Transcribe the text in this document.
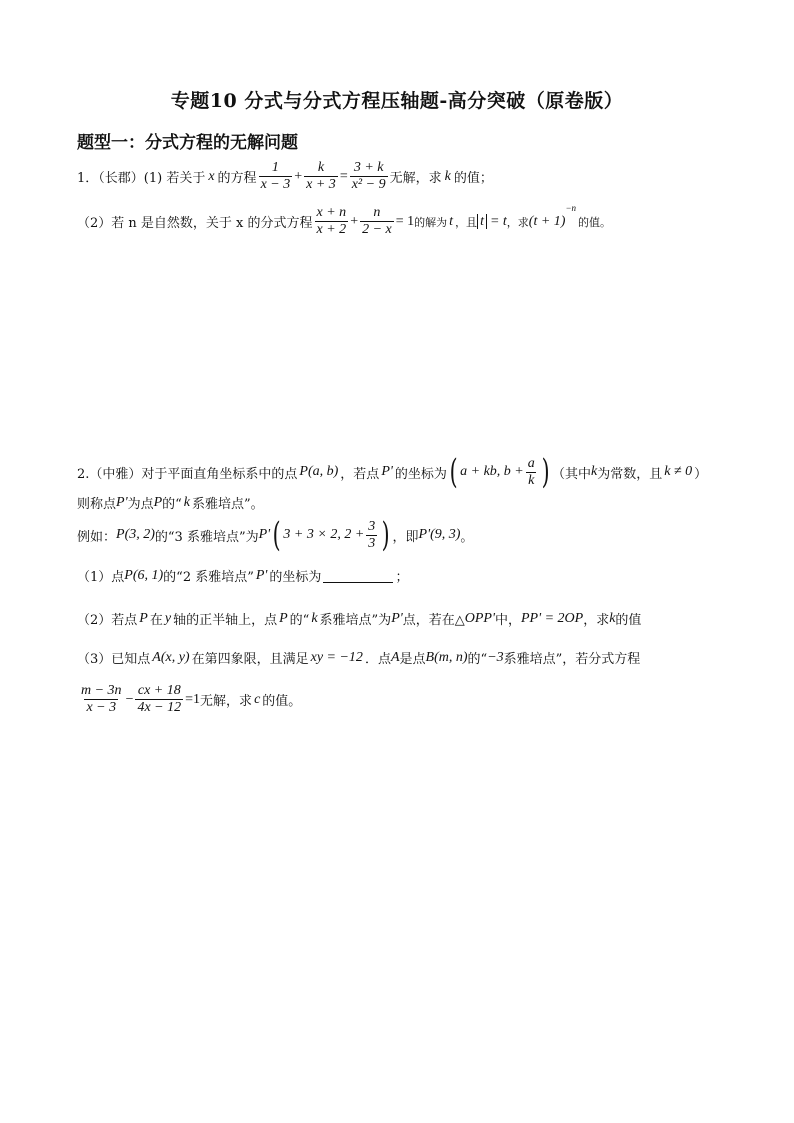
专题10 分式与分式方程压轴题-高分突破（原卷版）
题型一：分式方程的无解问题
1．（长郡）(1) 若关于 x 的方程 $\frac{1}{x - 3} + \frac{k}{x + 3} = \frac{3 + k}{\text{x² − 9}}$ 无解，求 k 的值；
（2）若 n 是自然数，关于 x 的分式方程 $\frac{x + n}{x + 2} + \frac{n}{2 - x} = 1$ 的解为 t ，且 t = t ，求 (t + 1)
−n
的值。
2.（中雅）对于平面直角坐标系中的点 P(a, b) ，若点 P' 的坐标为 ( a + kb, $b + \frac{a}{k}$ ) （其中 k 为常数，且 k ≠ 0 ）
则称点 P' 为点 P 的“ k 系雅培点”。
例如： P(3, 2) 的“3 系雅培点”为 P' ( 3 + 3 × 2, $2 + \frac{3}{3}$ ) ，即 P'(9, 3) 。
（1）点 P(6, 1) 的“2 系雅培点” P' 的坐标为	；
（2）若点 P 在 y 轴的正半轴上，点 P 的“ k 系雅培点”为 P' 点，若在△ OPP' 中， PP' = 2OP ，求 k 的值
（3）已知点 A(x, y) 在第四象限，且满足 xy = −12 ．点 A 是点 B(m, n) 的“ −3 系雅培点”，若分式方程
$\frac{m - 3n}{x - 3} - \frac{cx + 18}{4x - 12} =1$ 无解，求 c 的值。
